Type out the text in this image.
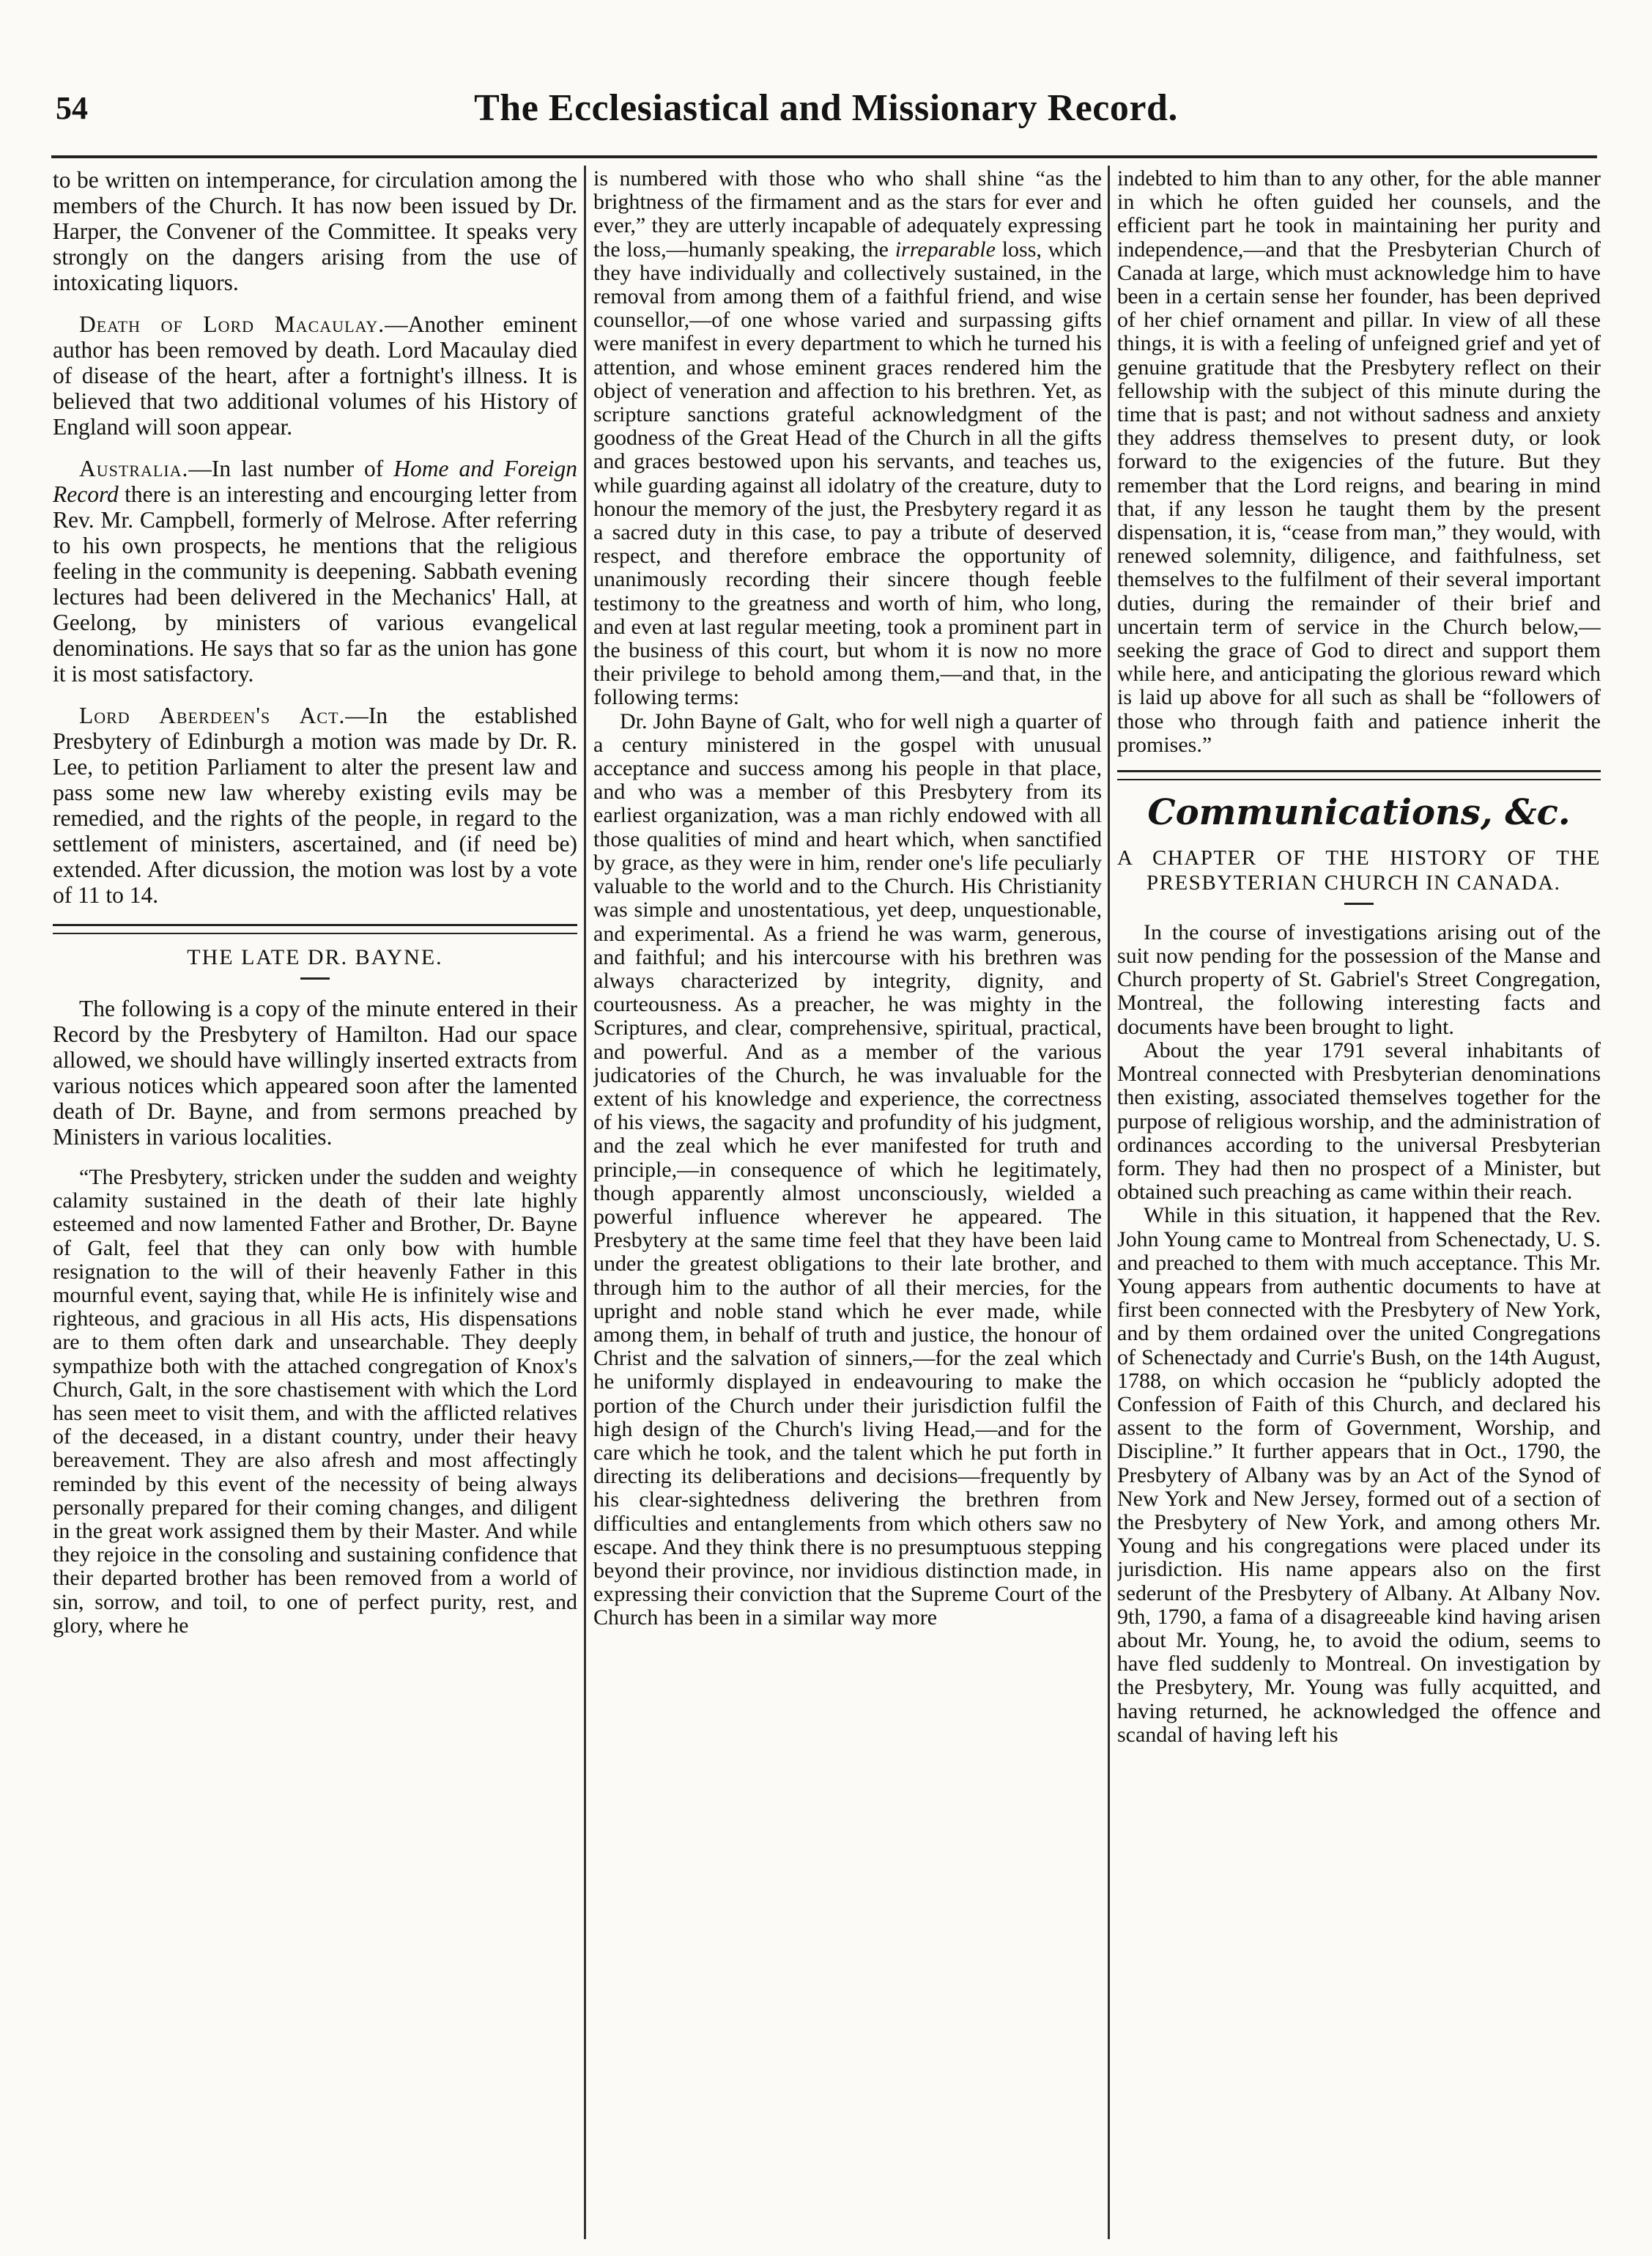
54	The Ecclesiastical and Missionary Record.

to be written on intemperance, for circulation among the members of the Church. It has now been issued by Dr. Harper, the Convener of the Committee. It speaks very strongly on the dangers arising from the use of intoxicating liquors.

Death of Lord Macaulay.—Another eminent author has been removed by death. Lord Macaulay died of disease of the heart, after a fortnight's illness. It is believed that two additional volumes of his History of England will soon appear.

Australia.—In last number of Home and Foreign Record there is an interesting and encourging letter from Rev. Mr. Campbell, formerly of Melrose. After referring to his own prospects, he mentions that the religious feeling in the community is deepening. Sabbath evening lectures had been delivered in the Mechanics' Hall, at Geelong, by ministers of various evangelical denominations. He says that so far as the union has gone it is most satisfactory.

Lord Aberdeen's Act.—In the established Presbytery of Edinburgh a motion was made by Dr. R. Lee, to petition Parliament to alter the present law and pass some new law whereby existing evils may be remedied, and the rights of the people, in regard to the settlement of ministers, ascertained, and (if need be) extended. After dicussion, the motion was lost by a vote of 11 to 14.

THE LATE DR. BAYNE.

The following is a copy of the minute entered in their Record by the Presbytery of Hamilton. Had our space allowed, we should have willingly inserted extracts from various notices which appeared soon after the lamented death of Dr. Bayne, and from sermons preached by Ministers in various localities.

“The Presbytery, stricken under the sudden and weighty calamity sustained in the death of their late highly esteemed and now lamented Father and Brother, Dr. Bayne of Galt, feel that they can only bow with humble resignation to the will of their heavenly Father in this mournful event, saying that, while He is infinitely wise and righteous, and gracious in all His acts, His dispensations are to them often dark and unsearchable. They deeply sympathize both with the attached congregation of Knox's Church, Galt, in the sore chastisement with which the Lord has seen meet to visit them, and with the afflicted relatives of the deceased, in a distant country, under their heavy bereavement. They are also afresh and most affectingly reminded by this event of the necessity of being always personally prepared for their coming changes, and diligent in the great work assigned them by their Master. And while they rejoice in the consoling and sustaining confidence that their departed brother has been removed from a world of sin, sorrow, and toil, to one of perfect purity, rest, and glory, where he

is numbered with those who who shall shine “as the brightness of the firmament and as the stars for ever and ever,” they are utterly incapable of adequately expressing the loss,—humanly speaking, the irreparable loss, which they have individually and collectively sustained, in the removal from among them of a faithful friend, and wise counsellor,—of one whose varied and surpassing gifts were manifest in every department to which he turned his attention, and whose eminent graces rendered him the object of veneration and affection to his brethren. Yet, as scripture sanctions grateful acknowledgment of the goodness of the Great Head of the Church in all the gifts and graces bestowed upon his servants, and teaches us, while guarding against all idolatry of the creature, duty to honour the memory of the just, the Presbytery regard it as a sacred duty in this case, to pay a tribute of deserved respect, and therefore embrace the opportunity of unanimously recording their sincere though feeble testimony to the greatness and worth of him, who long, and even at last regular meeting, took a prominent part in the business of this court, but whom it is now no more their privilege to behold among them,—and that, in the following terms:

Dr. John Bayne of Galt, who for well nigh a quarter of a century ministered in the gospel with unusual acceptance and success among his people in that place, and who was a member of this Presbytery from its earliest organization, was a man richly endowed with all those qualities of mind and heart which, when sanctified by grace, as they were in him, render one's life peculiarly valuable to the world and to the Church. His Christianity was simple and unostentatious, yet deep, unquestionable, and experimental. As a friend he was warm, generous, and faithful; and his intercourse with his brethren was always characterized by integrity, dignity, and courteousness. As a preacher, he was mighty in the Scriptures, and clear, comprehensive, spiritual, practical, and powerful. And as a member of the various judicatories of the Church, he was invaluable for the extent of his knowledge and experience, the correctness of his views, the sagacity and profundity of his judgment, and the zeal which he ever manifested for truth and principle,—in consequence of which he legitimately, though apparently almost unconsciously, wielded a powerful influence wherever he appeared. The Presbytery at the same time feel that they have been laid under the greatest obligations to their late brother, and through him to the author of all their mercies, for the upright and noble stand which he ever made, while among them, in behalf of truth and justice, the honour of Christ and the salvation of sinners,—for the zeal which he uniformly displayed in endeavouring to make the portion of the Church under their jurisdiction fulfil the high design of the Church's living Head,—and for the care which he took, and the talent which he put forth in directing its deliberations and decisions—frequently by his clear-sightedness delivering the brethren from difficulties and entanglements from which others saw no escape. And they think there is no presumptuous stepping beyond their province, nor invidious distinction made, in expressing their conviction that the Supreme Court of the Church has been in a similar way more

indebted to him than to any other, for the able manner in which he often guided her counsels, and the efficient part he took in maintaining her purity and independence,—and that the Presbyterian Church of Canada at large, which must acknowledge him to have been in a certain sense her founder, has been deprived of her chief ornament and pillar. In view of all these things, it is with a feeling of unfeigned grief and yet of genuine gratitude that the Presbytery reflect on their fellowship with the subject of this minute during the time that is past; and not without sadness and anxiety they address themselves to present duty, or look forward to the exigencies of the future. But they remember that the Lord reigns, and bearing in mind that, if any lesson he taught them by the present dispensation, it is, “cease from man,” they would, with renewed solemnity, diligence, and faithfulness, set themselves to the fulfilment of their several important duties, during the remainder of their brief and uncertain term of service in the Church below,—seeking the grace of God to direct and support them while here, and anticipating the glorious reward which is laid up above for all such as shall be “followers of those who through faith and patience inherit the promises.”

Communications, &c.
A CHAPTER OF THE HISTORY OF THE PRESBYTERIAN CHURCH IN CANADA.

In the course of investigations arising out of the suit now pending for the possession of the Manse and Church property of St. Gabriel's Street Congregation, Montreal, the following interesting facts and documents have been brought to light.

About the year 1791 several inhabitants of Montreal connected with Presbyterian denominations then existing, associated themselves together for the purpose of religious worship, and the administration of ordinances according to the universal Presbyterian form. They had then no prospect of a Minister, but obtained such preaching as came within their reach.

While in this situation, it happened that the Rev. John Young came to Montreal from Schenectady, U. S. and preached to them with much acceptance. This Mr. Young appears from authentic documents to have at first been connected with the Presbytery of New York, and by them ordained over the united Congregations of Schenectady and Currie's Bush, on the 14th August, 1788, on which occasion he “publicly adopted the Confession of Faith of this Church, and declared his assent to the form of Government, Worship, and Discipline.” It further appears that in Oct., 1790, the Presbytery of Albany was by an Act of the Synod of New York and New Jersey, formed out of a section of the Presbytery of New York, and among others Mr. Young and his congregations were placed under its jurisdiction. His name appears also on the first sederunt of the Presbytery of Albany. At Albany Nov. 9th, 1790, a fama of a disagreeable kind having arisen about Mr. Young, he, to avoid the odium, seems to have fled suddenly to Montreal. On investigation by the Presbytery, Mr. Young was fully acquitted, and having returned, he acknowledged the offence and scandal of having left his
